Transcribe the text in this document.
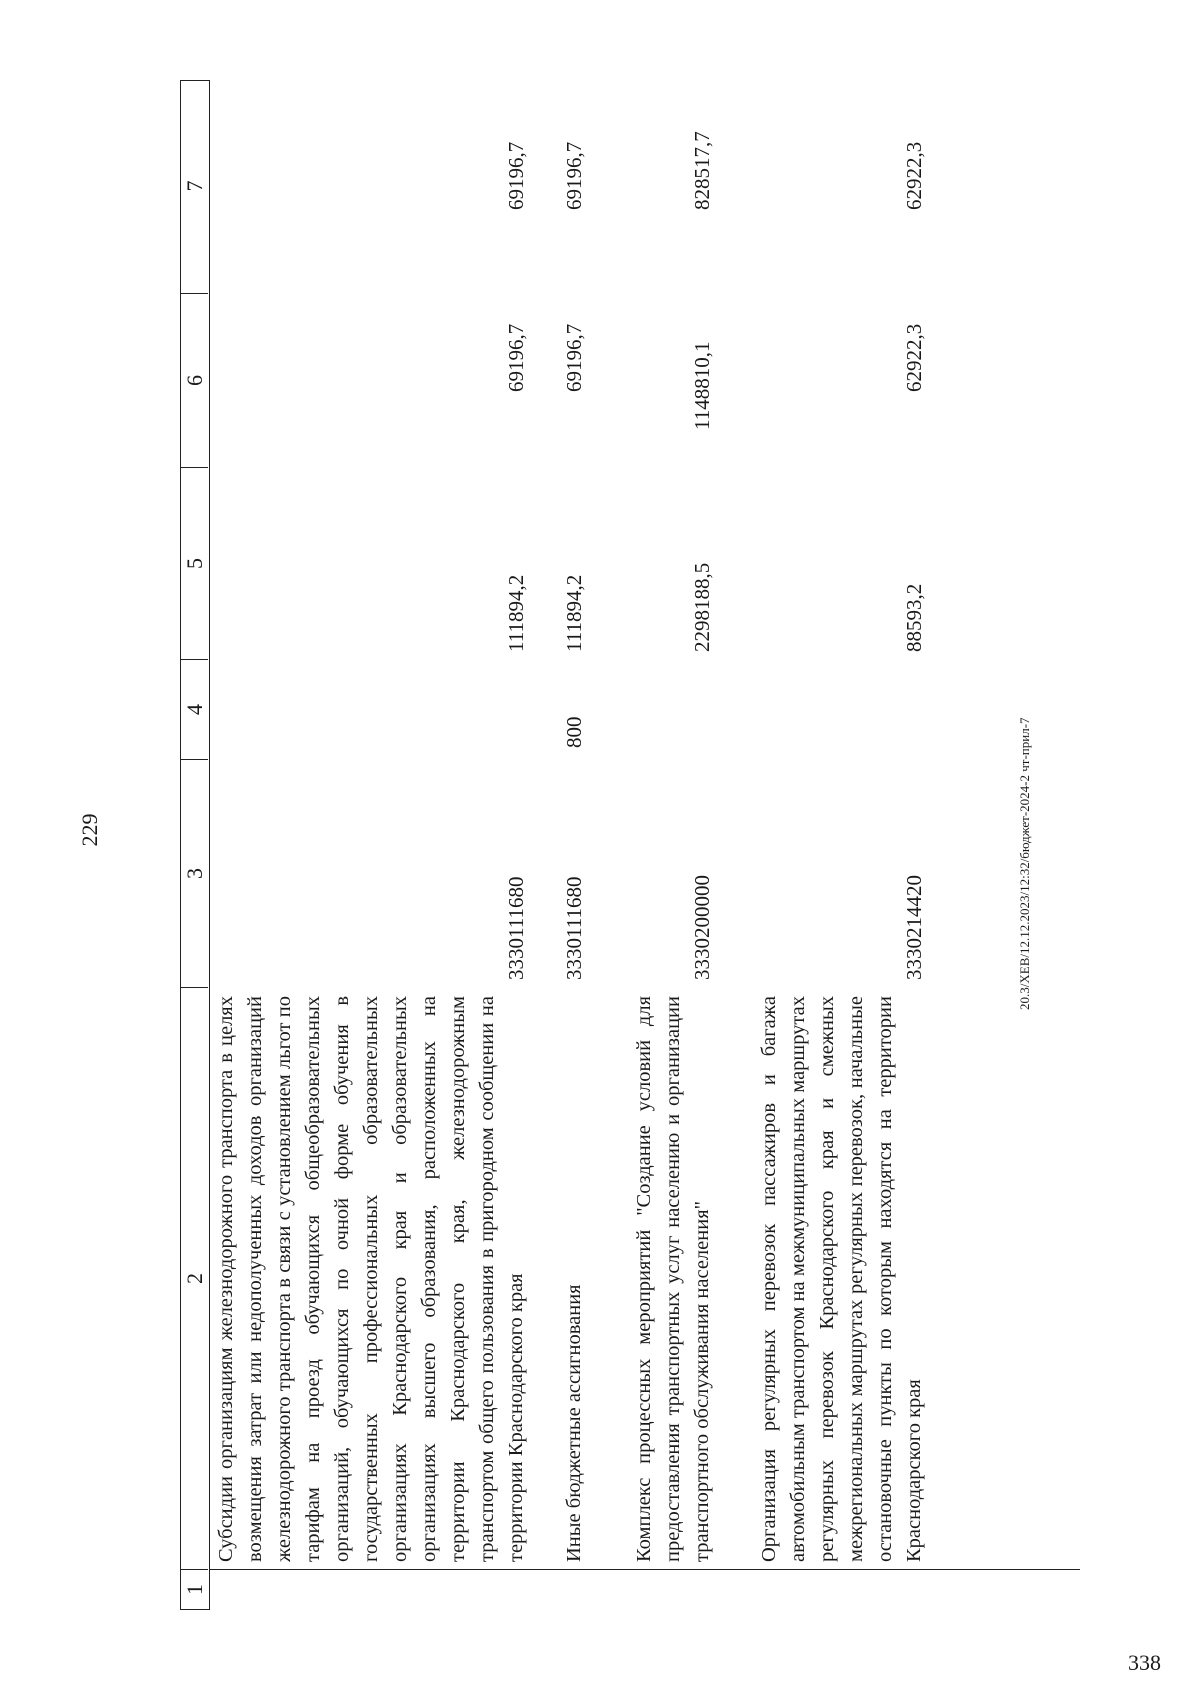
229	20.3/ХЕВ/12.12.2023/12:32/бюджет-2024-2 чт-прил-7
338
1
2
3
4
5
6
7
Субсидии организациям железнодорожного транспорта в целях возмещения затрат или недополученных доходов организаций железнодорожного транспорта в связи с установлением льгот по тарифам на проезд обучающихся общеобразовательных организаций, обучающихся по очной форме обучения в государственных профессиональных образовательных организациях Краснодарского края и образовательных организациях высшего образования, расположенных на территории Краснодарского края, железнодорожным транспортом общего пользования в пригородном сообщении на территории Краснодарского края
3330111680
111894,2
69196,7
69196,7
Иные бюджетные ассигнования
3330111680
800
111894,2
69196,7
69196,7
Комплекс процессных мероприятий "Создание условий для предоставления транспортных услуг населению и организации транспортного обслуживания населения"
3330200000
2298188,5
1148810,1
828517,7
Организация регулярных перевозок пассажиров и багажа автомобильным транспортом на межмуниципальных маршрутах регулярных перевозок Краснодарского края и смежных межрегиональных маршрутах регулярных перевозок, начальные остановочные пункты по которым находятся на территории Краснодарского края
3330214420
88593,2
62922,3
62922,3
